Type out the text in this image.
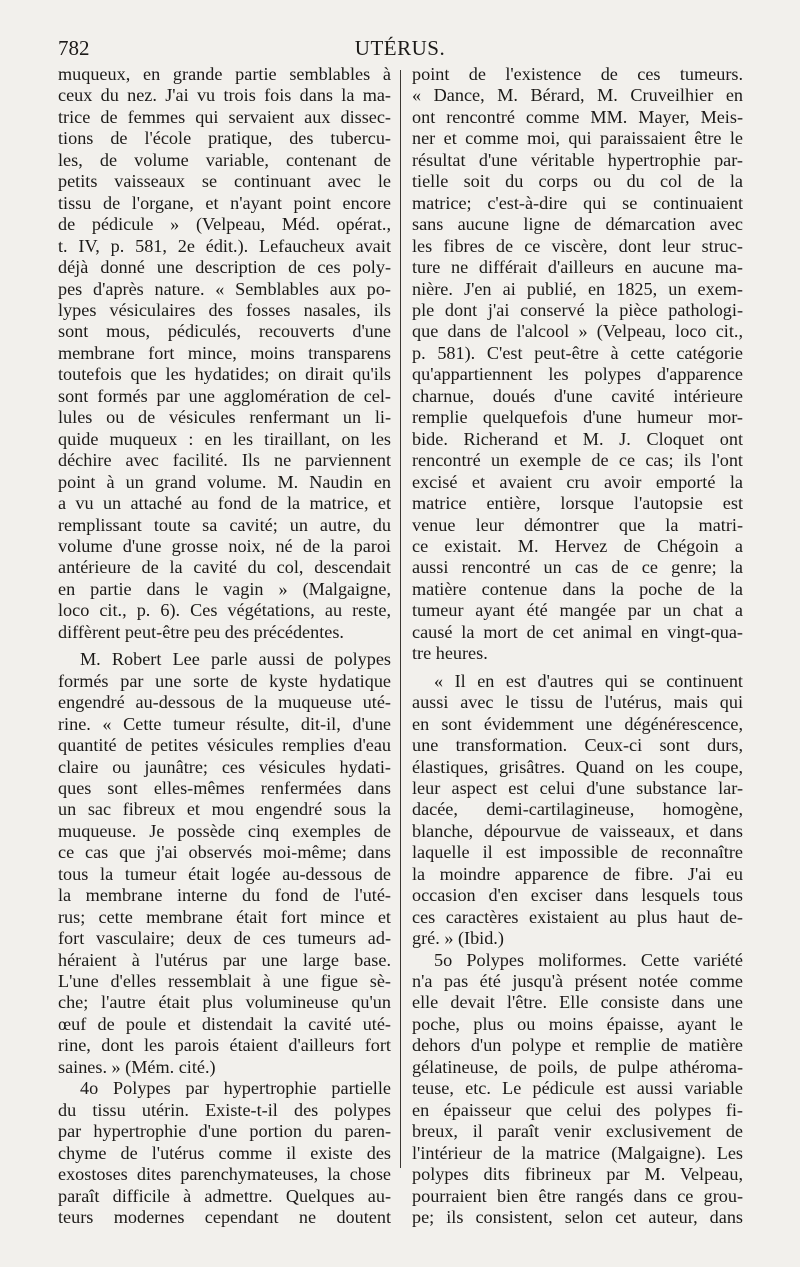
782	UTÉRUS.
muqueux, en grande partie semblables à
ceux du nez. J'ai vu trois fois dans la ma-
trice de femmes qui servaient aux dissec-
tions de l'école pratique, des tubercu-
les, de volume variable, contenant de
petits vaisseaux se continuant avec le
tissu de l'organe, et n'ayant point encore
de pédicule » (Velpeau, Méd. opérat.,
t. IV, p. 581, 2e édit.). Lefaucheux avait
déjà donné une description de ces poly-
pes d'après nature. « Semblables aux po-
lypes vésiculaires des fosses nasales, ils
sont mous, pédiculés, recouverts d'une
membrane fort mince, moins transparens
toutefois que les hydatides; on dirait qu'ils
sont formés par une agglomération de cel-
lules ou de vésicules renfermant un li-
quide muqueux : en les tiraillant, on les
déchire avec facilité. Ils ne parviennent
point à un grand volume. M. Naudin en
a vu un attaché au fond de la matrice, et
remplissant toute sa cavité; un autre, du
volume d'une grosse noix, né de la paroi
antérieure de la cavité du col, descendait
en partie dans le vagin » (Malgaigne,
loco cit., p. 6). Ces végétations, au reste,
diffèrent peut-être peu des précédentes.
M. Robert Lee parle aussi de polypes
formés par une sorte de kyste hydatique
engendré au-dessous de la muqueuse uté-
rine. « Cette tumeur résulte, dit-il, d'une
quantité de petites vésicules remplies d'eau
claire ou jaunâtre; ces vésicules hydati-
ques sont elles-mêmes renfermées dans
un sac fibreux et mou engendré sous la
muqueuse. Je possède cinq exemples de
ce cas que j'ai observés moi-même; dans
tous la tumeur était logée au-dessous de
la membrane interne du fond de l'uté-
rus; cette membrane était fort mince et
fort vasculaire; deux de ces tumeurs ad-
héraient à l'utérus par une large base.
L'une d'elles ressemblait à une figue sè-
che; l'autre était plus volumineuse qu'un
œuf de poule et distendait la cavité uté-
rine, dont les parois étaient d'ailleurs fort
saines. » (Mém. cité.)
4o Polypes par hypertrophie partielle
du tissu utérin. Existe-t-il des polypes
par hypertrophie d'une portion du paren-
chyme de l'utérus comme il existe des
exostoses dites parenchymateuses, la chose
paraît difficile à admettre. Quelques au-
teurs modernes cependant ne doutent
point de l'existence de ces tumeurs.
« Dance, M. Bérard, M. Cruveilhier en
ont rencontré comme MM. Mayer, Meis-
ner et comme moi, qui paraissaient être le
résultat d'une véritable hypertrophie par-
tielle soit du corps ou du col de la
matrice; c'est-à-dire qui se continuaient
sans aucune ligne de démarcation avec
les fibres de ce viscère, dont leur struc-
ture ne différait d'ailleurs en aucune ma-
nière. J'en ai publié, en 1825, un exem-
ple dont j'ai conservé la pièce pathologi-
que dans de l'alcool » (Velpeau, loco cit.,
p. 581). C'est peut-être à cette catégorie
qu'appartiennent les polypes d'apparence
charnue, doués d'une cavité intérieure
remplie quelquefois d'une humeur mor-
bide. Richerand et M. J. Cloquet ont
rencontré un exemple de ce cas; ils l'ont
excisé et avaient cru avoir emporté la
matrice entière, lorsque l'autopsie est
venue leur démontrer que la matri-
ce existait. M. Hervez de Chégoin a
aussi rencontré un cas de ce genre; la
matière contenue dans la poche de la
tumeur ayant été mangée par un chat a
causé la mort de cet animal en vingt-qua-
tre heures.
« Il en est d'autres qui se continuent
aussi avec le tissu de l'utérus, mais qui
en sont évidemment une dégénérescence,
une transformation. Ceux-ci sont durs,
élastiques, grisâtres. Quand on les coupe,
leur aspect est celui d'une substance lar-
dacée, demi-cartilagineuse, homogène,
blanche, dépourvue de vaisseaux, et dans
laquelle il est impossible de reconnaître
la moindre apparence de fibre. J'ai eu
occasion d'en exciser dans lesquels tous
ces caractères existaient au plus haut de-
gré. » (Ibid.)
5o Polypes moliformes. Cette variété
n'a pas été jusqu'à présent notée comme
elle devait l'être. Elle consiste dans une
poche, plus ou moins épaisse, ayant le
dehors d'un polype et remplie de matière
gélatineuse, de poils, de pulpe athéroma-
teuse, etc. Le pédicule est aussi variable
en épaisseur que celui des polypes fi-
breux, il paraît venir exclusivement de
l'intérieur de la matrice (Malgaigne). Les
polypes dits fibrineux par M. Velpeau,
pourraient bien être rangés dans ce grou-
pe; ils consistent, selon cet auteur, dans
